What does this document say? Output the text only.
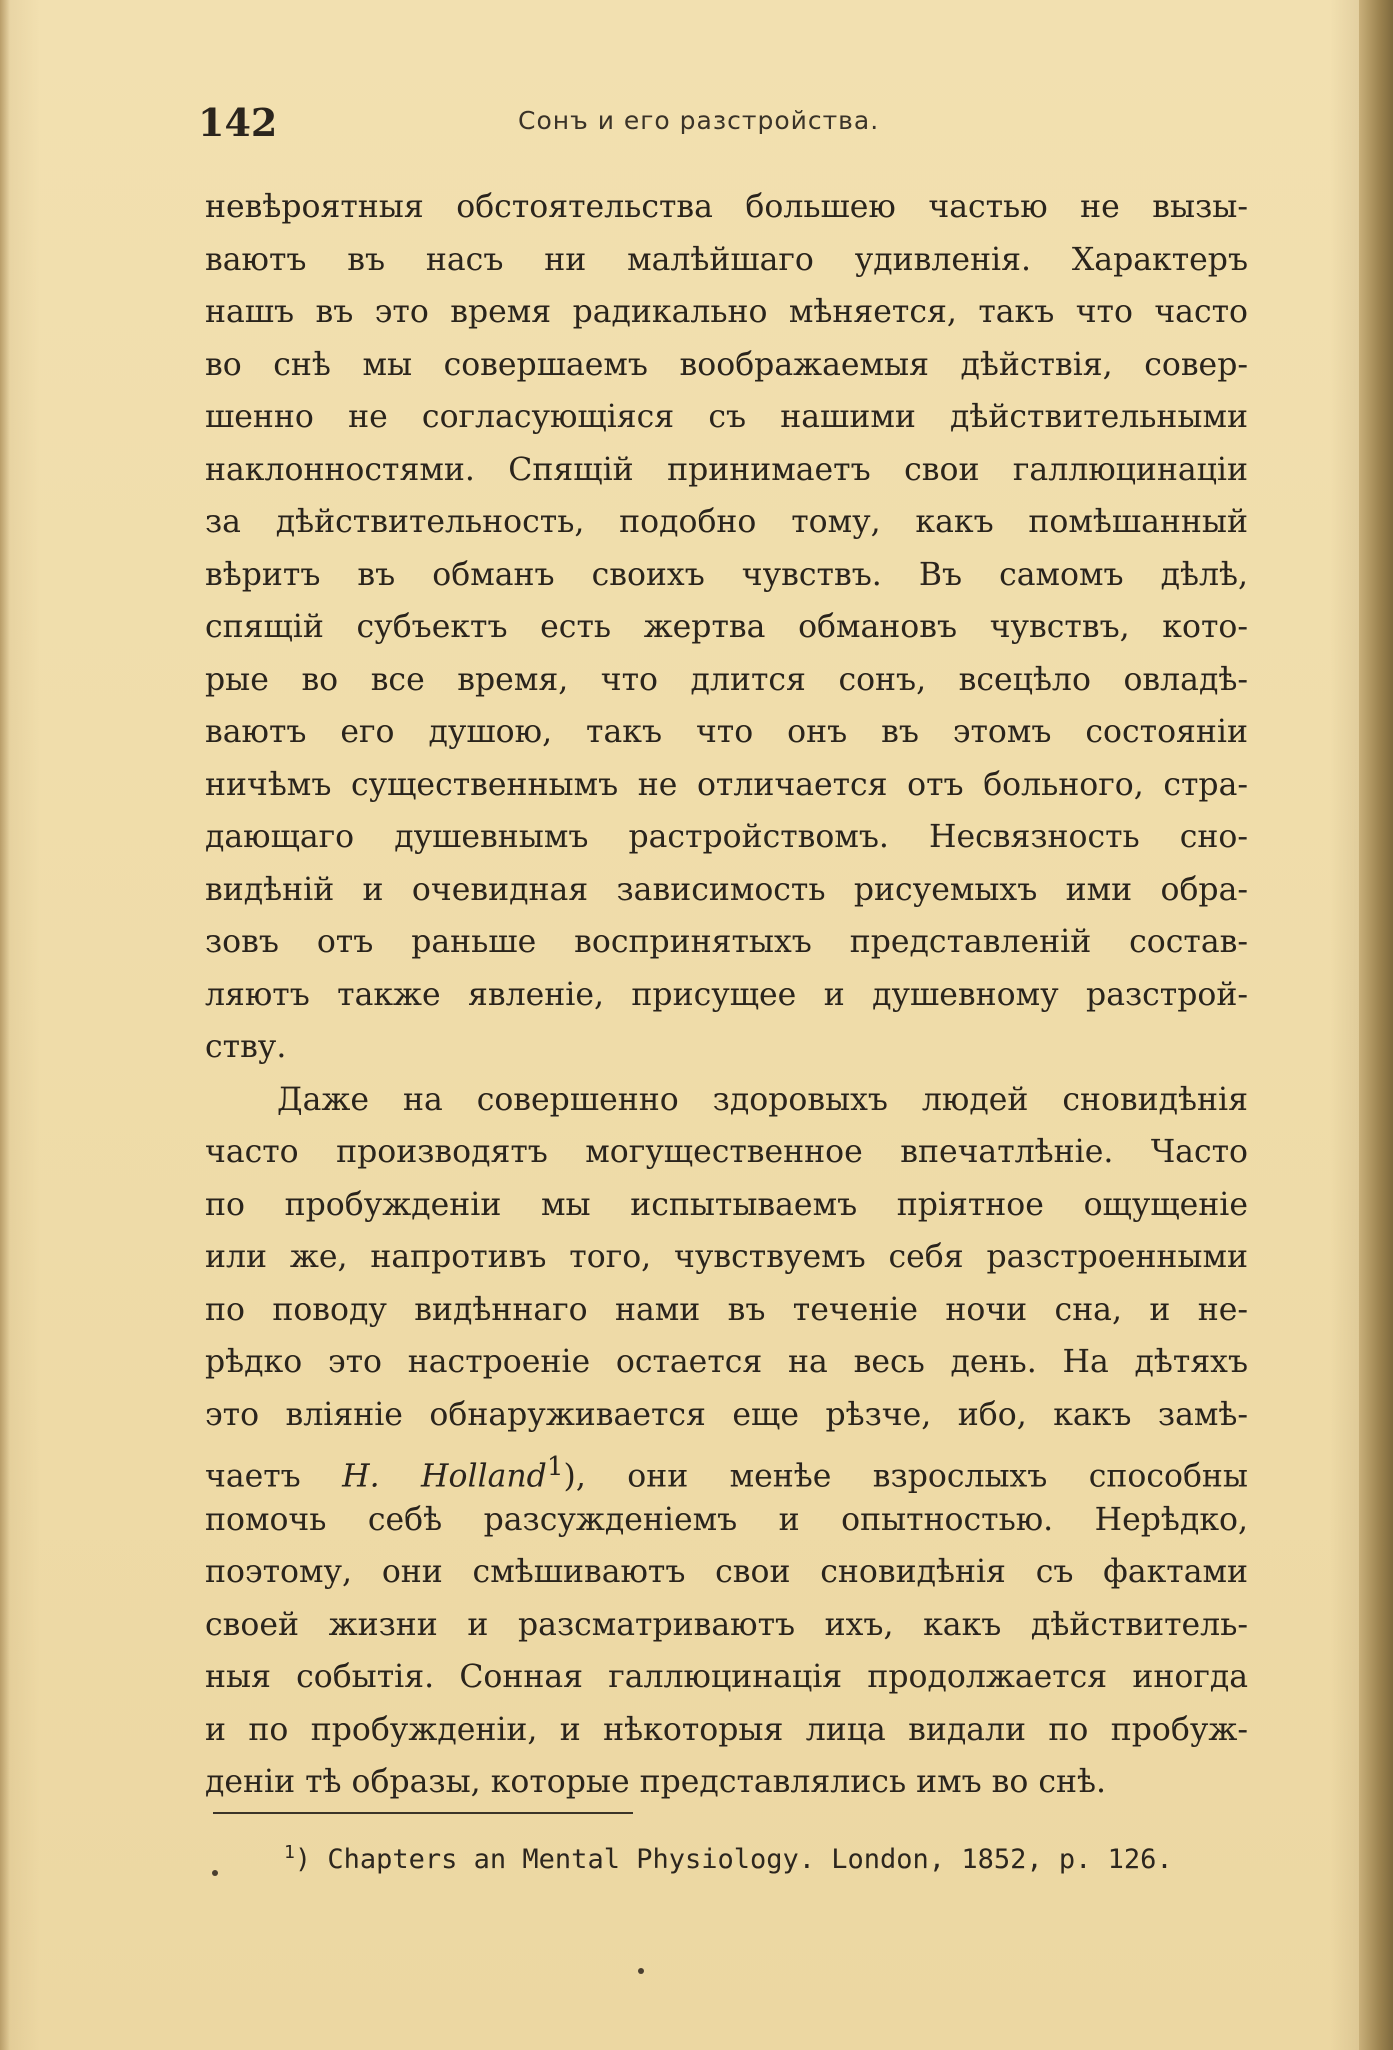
142	Сонъ и его разстройства.
невѣроятныя обстоятельства большею частью не вызы-
ваютъ въ насъ ни малѣйшаго удивленія. Характеръ
нашъ въ это время радикально мѣняется, такъ что часто
во снѣ мы совершаемъ воображаемыя дѣйствія, совер-
шенно не согласующіяся съ нашими дѣйствительными
наклонностями. Спящій принимаетъ свои галлюцинаціи
за дѣйствительность, подобно тому, какъ помѣшанный
вѣритъ въ обманъ своихъ чувствъ. Въ самомъ дѣлѣ,
спящій субъектъ есть жертва обмановъ чувствъ, кото-
рые во все время, что длится сонъ, всецѣло овладѣ-
ваютъ его душою, такъ что онъ въ этомъ состояніи
ничѣмъ существеннымъ не отличается отъ больного, стра-
дающаго душевнымъ растройствомъ. Несвязность сно-
видѣній и очевидная зависимость рисуемыхъ ими обра-
зовъ отъ раньше воспринятыхъ представленій состав-
ляютъ также явленіе, присущее и душевному разстрой-
ству.
Даже на совершенно здоровыхъ людей сновидѣнія
часто производятъ могущественное впечатлѣніе. Часто
по пробужденіи мы испытываемъ пріятное ощущеніе
или же, напротивъ того, чувствуемъ себя разстроенными
по поводу видѣннаго нами въ теченіе ночи сна, и не-
рѣдко это настроеніе остается на весь день. На дѣтяхъ
это вліяніе обнаруживается еще рѣзче, ибо, какъ замѣ-
чаетъ H. Holland$^1$), они менѣе взрослыхъ способны
помочь себѣ разсужденіемъ и опытностью. Нерѣдко,
поэтому, они смѣшиваютъ свои сновидѣнія съ фактами
своей жизни и разсматриваютъ ихъ, какъ дѣйствитель-
ныя событія. Сонная галлюцинація продолжается иногда
и по пробужденіи, и нѣкоторыя лица видали по пробуж-
деніи тѣ образы, которые представлялись имъ во снѣ.
$^1$) Chapters an Mental Physiology. London, 1852, p. 126.
